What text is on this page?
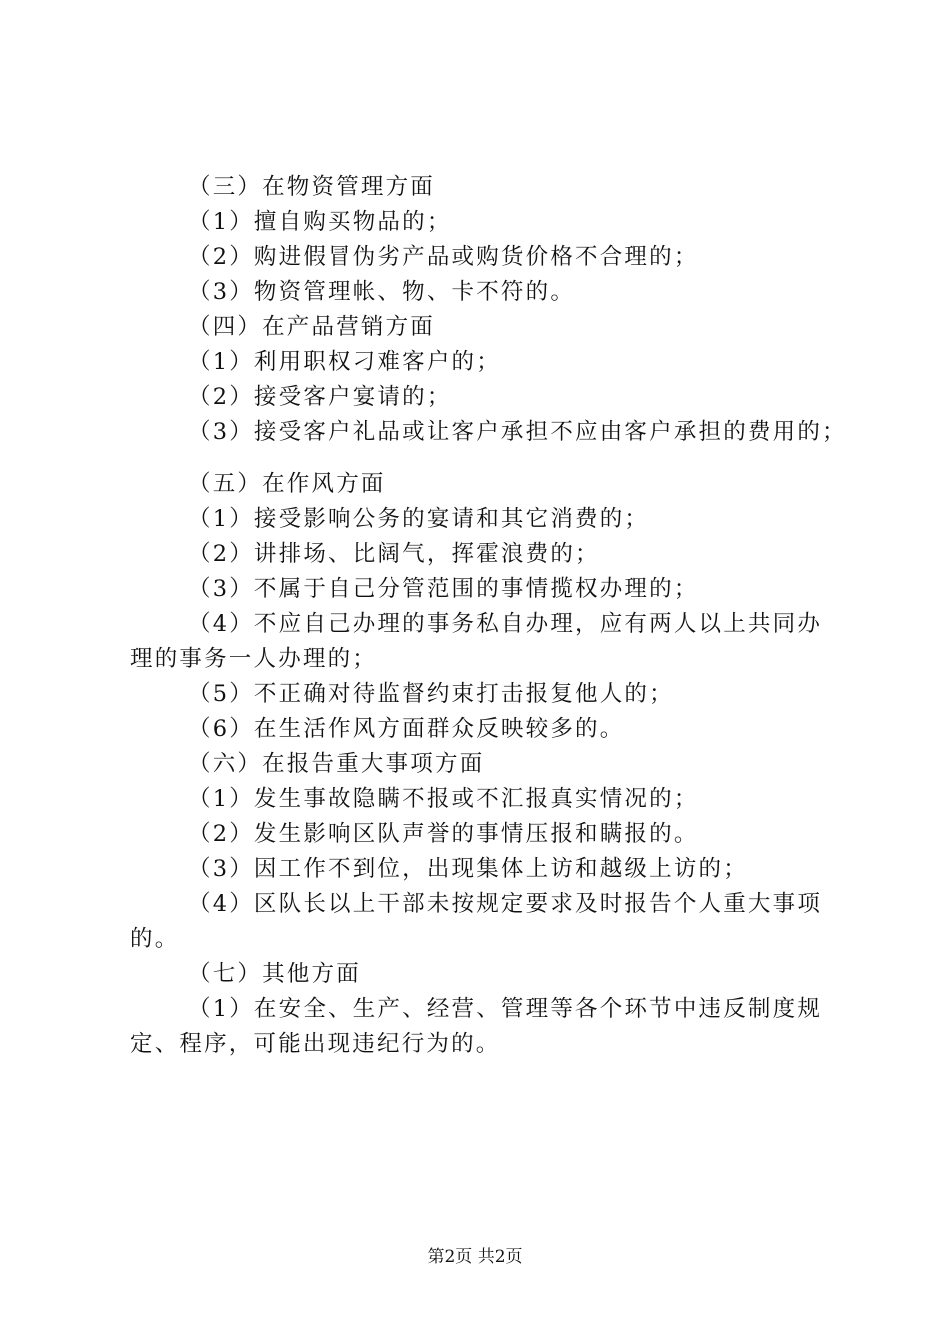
（三）在物资管理方面
（1）擅自购买物品的；
（2）购进假冒伪劣产品或购货价格不合理的；
（3）物资管理帐、物、卡不符的。
（四）在产品营销方面
（1）利用职权刁难客户的；
（2）接受客户宴请的；
（3）接受客户礼品或让客户承担不应由客户承担的费用的；
（五）在作风方面
（1）接受影响公务的宴请和其它消费的；
（2）讲排场、比阔气，挥霍浪费的；
（3）不属于自己分管范围的事情揽权办理的；
（4）不应自己办理的事务私自办理，应有两人以上共同办
理的事务一人办理的；
（5）不正确对待监督约束打击报复他人的；
（6）在生活作风方面群众反映较多的。
（六）在报告重大事项方面
（1）发生事故隐瞒不报或不汇报真实情况的；
（2）发生影响区队声誉的事情压报和瞒报的。
（3）因工作不到位，出现集体上访和越级上访的；
（4）区队长以上干部未按规定要求及时报告个人重大事项
的。
（七）其他方面
（1）在安全、生产、经营、管理等各个环节中违反制度规
定、程序，可能出现违纪行为的。
第2页 共2页
